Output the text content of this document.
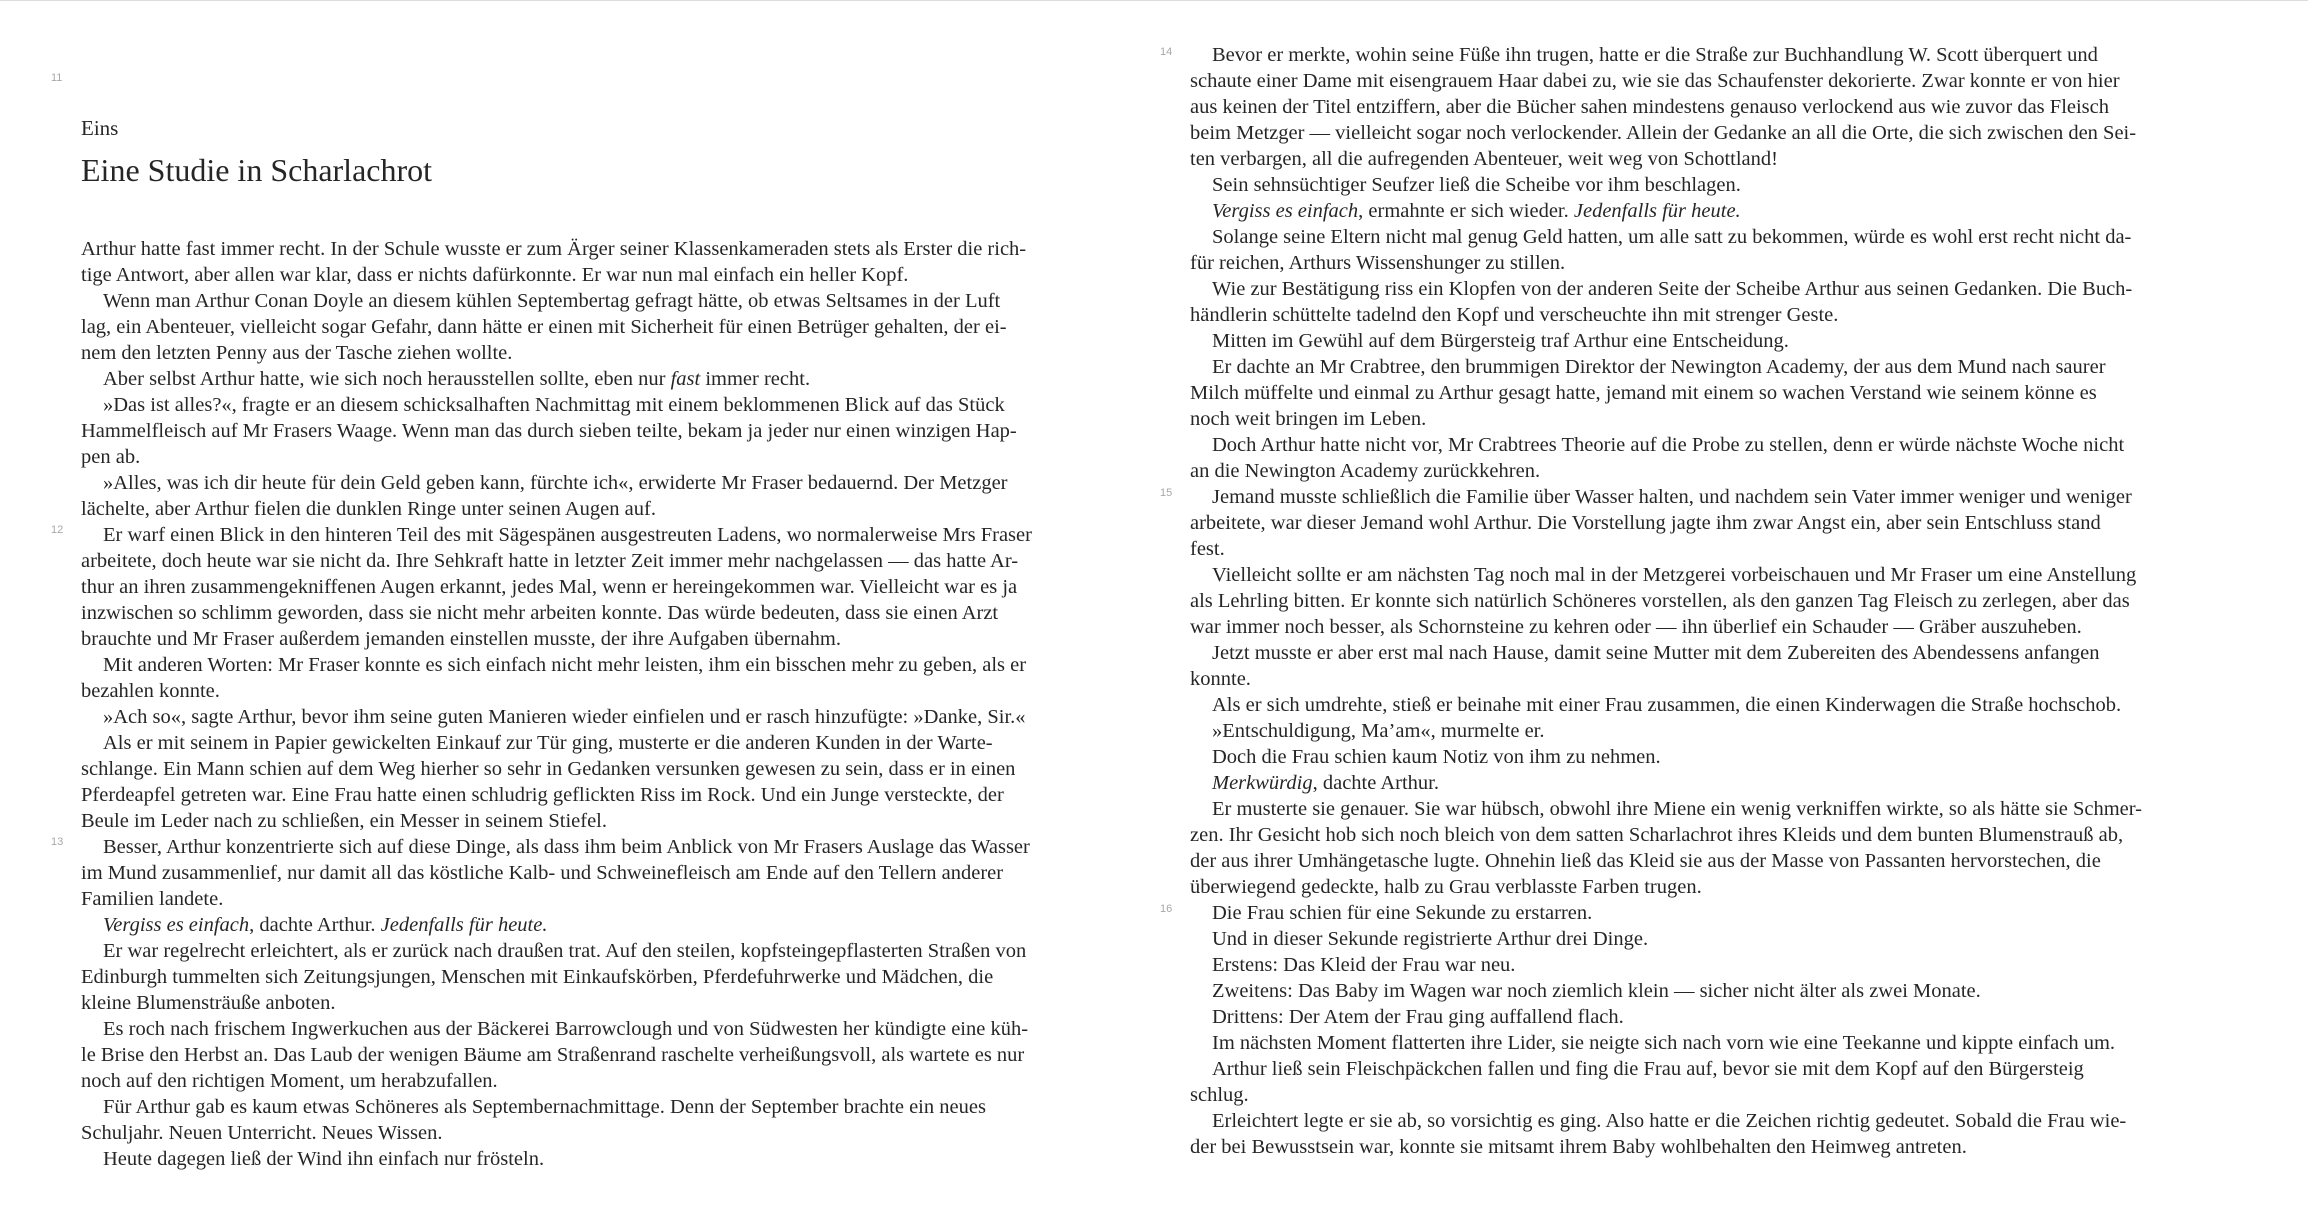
11
12
13
Eins
Eine Studie in Scharlachrot
Arthur hatte fast immer recht. In der Schule wusste er zum Ärger seiner Klassenkameraden stets als Erster die rich-
tige Antwort, aber allen war klar, dass er nichts dafürkonnte. Er war nun mal einfach ein heller Kopf.
Wenn man Arthur Conan Doyle an diesem kühlen Septembertag gefragt hätte, ob etwas Seltsames in der Luft
lag, ein Abenteuer, vielleicht sogar Gefahr, dann hätte er einen mit Sicherheit für einen Betrüger gehalten, der ei-
nem den letzten Penny aus der Tasche ziehen wollte.
Aber selbst Arthur hatte, wie sich noch herausstellen sollte, eben nur fast immer recht.
»Das ist alles?«, fragte er an diesem schicksalhaften Nachmittag mit einem beklommenen Blick auf das Stück
Hammelfleisch auf Mr Frasers Waage. Wenn man das durch sieben teilte, bekam ja jeder nur einen winzigen Hap-
pen ab.
»Alles, was ich dir heute für dein Geld geben kann, fürchte ich«, erwiderte Mr Fraser bedauernd. Der Metzger
lächelte, aber Arthur fielen die dunklen Ringe unter seinen Augen auf.
Er warf einen Blick in den hinteren Teil des mit Sägespänen ausgestreuten Ladens, wo normalerweise Mrs Fraser
arbeitete, doch heute war sie nicht da. Ihre Sehkraft hatte in letzter Zeit immer mehr nachgelassen — das hatte Ar-
thur an ihren zusammengekniffenen Augen erkannt, jedes Mal, wenn er hereingekommen war. Vielleicht war es ja
inzwischen so schlimm geworden, dass sie nicht mehr arbeiten konnte. Das würde bedeuten, dass sie einen Arzt
brauchte und Mr Fraser außerdem jemanden einstellen musste, der ihre Aufgaben übernahm.
Mit anderen Worten: Mr Fraser konnte es sich einfach nicht mehr leisten, ihm ein bisschen mehr zu geben, als er
bezahlen konnte.
»Ach so«, sagte Arthur, bevor ihm seine guten Manieren wieder einfielen und er rasch hinzufügte: »Danke, Sir.«
Als er mit seinem in Papier gewickelten Einkauf zur Tür ging, musterte er die anderen Kunden in der Warte-
schlange. Ein Mann schien auf dem Weg hierher so sehr in Gedanken versunken gewesen zu sein, dass er in einen
Pferdeapfel getreten war. Eine Frau hatte einen schludrig geflickten Riss im Rock. Und ein Junge versteckte, der
Beule im Leder nach zu schließen, ein Messer in seinem Stiefel.
Besser, Arthur konzentrierte sich auf diese Dinge, als dass ihm beim Anblick von Mr Frasers Auslage das Wasser
im Mund zusammenlief, nur damit all das köstliche Kalb- und Schweinefleisch am Ende auf den Tellern anderer
Familien landete.
Vergiss es einfach, dachte Arthur. Jedenfalls für heute.
Er war regelrecht erleichtert, als er zurück nach draußen trat. Auf den steilen, kopfsteingepflasterten Straßen von
Edinburgh tummelten sich Zeitungsjungen, Menschen mit Einkaufskörben, Pferdefuhrwerke und Mädchen, die
kleine Blumensträuße anboten.
Es roch nach frischem Ingwerkuchen aus der Bäckerei Barrowclough und von Südwesten her kündigte eine küh-
le Brise den Herbst an. Das Laub der wenigen Bäume am Straßenrand raschelte verheißungsvoll, als wartete es nur
noch auf den richtigen Moment, um herabzufallen.
Für Arthur gab es kaum etwas Schöneres als Septembernachmittage. Denn der September brachte ein neues
Schuljahr. Neuen Unterricht. Neues Wissen.
Heute dagegen ließ der Wind ihn einfach nur frösteln.
Bevor er merkte, wohin seine Füße ihn trugen, hatte er die Straße zur Buchhandlung W. Scott überquert und
schaute einer Dame mit eisengrauem Haar dabei zu, wie sie das Schaufenster dekorierte. Zwar konnte er von hier
aus keinen der Titel entziffern, aber die Bücher sahen mindestens genauso verlockend aus wie zuvor das Fleisch
beim Metzger — vielleicht sogar noch verlockender. Allein der Gedanke an all die Orte, die sich zwischen den Sei-
ten verbargen, all die aufregenden Abenteuer, weit weg von Schottland!
Sein sehnsüchtiger Seufzer ließ die Scheibe vor ihm beschlagen.
Vergiss es einfach, ermahnte er sich wieder. Jedenfalls für heute.
Solange seine Eltern nicht mal genug Geld hatten, um alle satt zu bekommen, würde es wohl erst recht nicht da-
für reichen, Arthurs Wissenshunger zu stillen.
Wie zur Bestätigung riss ein Klopfen von der anderen Seite der Scheibe Arthur aus seinen Gedanken. Die Buch-
händlerin schüttelte tadelnd den Kopf und verscheuchte ihn mit strenger Geste.
Mitten im Gewühl auf dem Bürgersteig traf Arthur eine Entscheidung.
Er dachte an Mr Crabtree, den brummigen Direktor der Newington Academy, der aus dem Mund nach saurer
Milch müffelte und einmal zu Arthur gesagt hatte, jemand mit einem so wachen Verstand wie seinem könne es
noch weit bringen im Leben.
Doch Arthur hatte nicht vor, Mr Crabtrees Theorie auf die Probe zu stellen, denn er würde nächste Woche nicht
an die Newington Academy zurückkehren.
Jemand musste schließlich die Familie über Wasser halten, und nachdem sein Vater immer weniger und weniger
arbeitete, war dieser Jemand wohl Arthur. Die Vorstellung jagte ihm zwar Angst ein, aber sein Entschluss stand
fest.
Vielleicht sollte er am nächsten Tag noch mal in der Metzgerei vorbeischauen und Mr Fraser um eine Anstellung
als Lehrling bitten. Er konnte sich natürlich Schöneres vorstellen, als den ganzen Tag Fleisch zu zerlegen, aber das
war immer noch besser, als Schornsteine zu kehren oder — ihn überlief ein Schauder — Gräber auszuheben.
Jetzt musste er aber erst mal nach Hause, damit seine Mutter mit dem Zubereiten des Abendessens anfangen
konnte.
Als er sich umdrehte, stieß er beinahe mit einer Frau zusammen, die einen Kinderwagen die Straße hochschob.
»Entschuldigung, Ma’am«, murmelte er.
Doch die Frau schien kaum Notiz von ihm zu nehmen.
Merkwürdig, dachte Arthur.
Er musterte sie genauer. Sie war hübsch, obwohl ihre Miene ein wenig verkniffen wirkte, so als hätte sie Schmer-
zen. Ihr Gesicht hob sich noch bleich von dem satten Scharlachrot ihres Kleids und dem bunten Blumenstrauß ab,
der aus ihrer Umhängetasche lugte. Ohnehin ließ das Kleid sie aus der Masse von Passanten hervorstechen, die
überwiegend gedeckte, halb zu Grau verblasste Farben trugen.
Die Frau schien für eine Sekunde zu erstarren.
Und in dieser Sekunde registrierte Arthur drei Dinge.
Erstens: Das Kleid der Frau war neu.
Zweitens: Das Baby im Wagen war noch ziemlich klein — sicher nicht älter als zwei Monate.
Drittens: Der Atem der Frau ging auffallend flach.
Im nächsten Moment flatterten ihre Lider, sie neigte sich nach vorn wie eine Teekanne und kippte einfach um.
Arthur ließ sein Fleischpäckchen fallen und fing die Frau auf, bevor sie mit dem Kopf auf den Bürgersteig
schlug.
Erleichtert legte er sie ab, so vorsichtig es ging. Also hatte er die Zeichen richtig gedeutet. Sobald die Frau wie-
der bei Bewusstsein war, konnte sie mitsamt ihrem Baby wohlbehalten den Heimweg antreten.
14
15
16
